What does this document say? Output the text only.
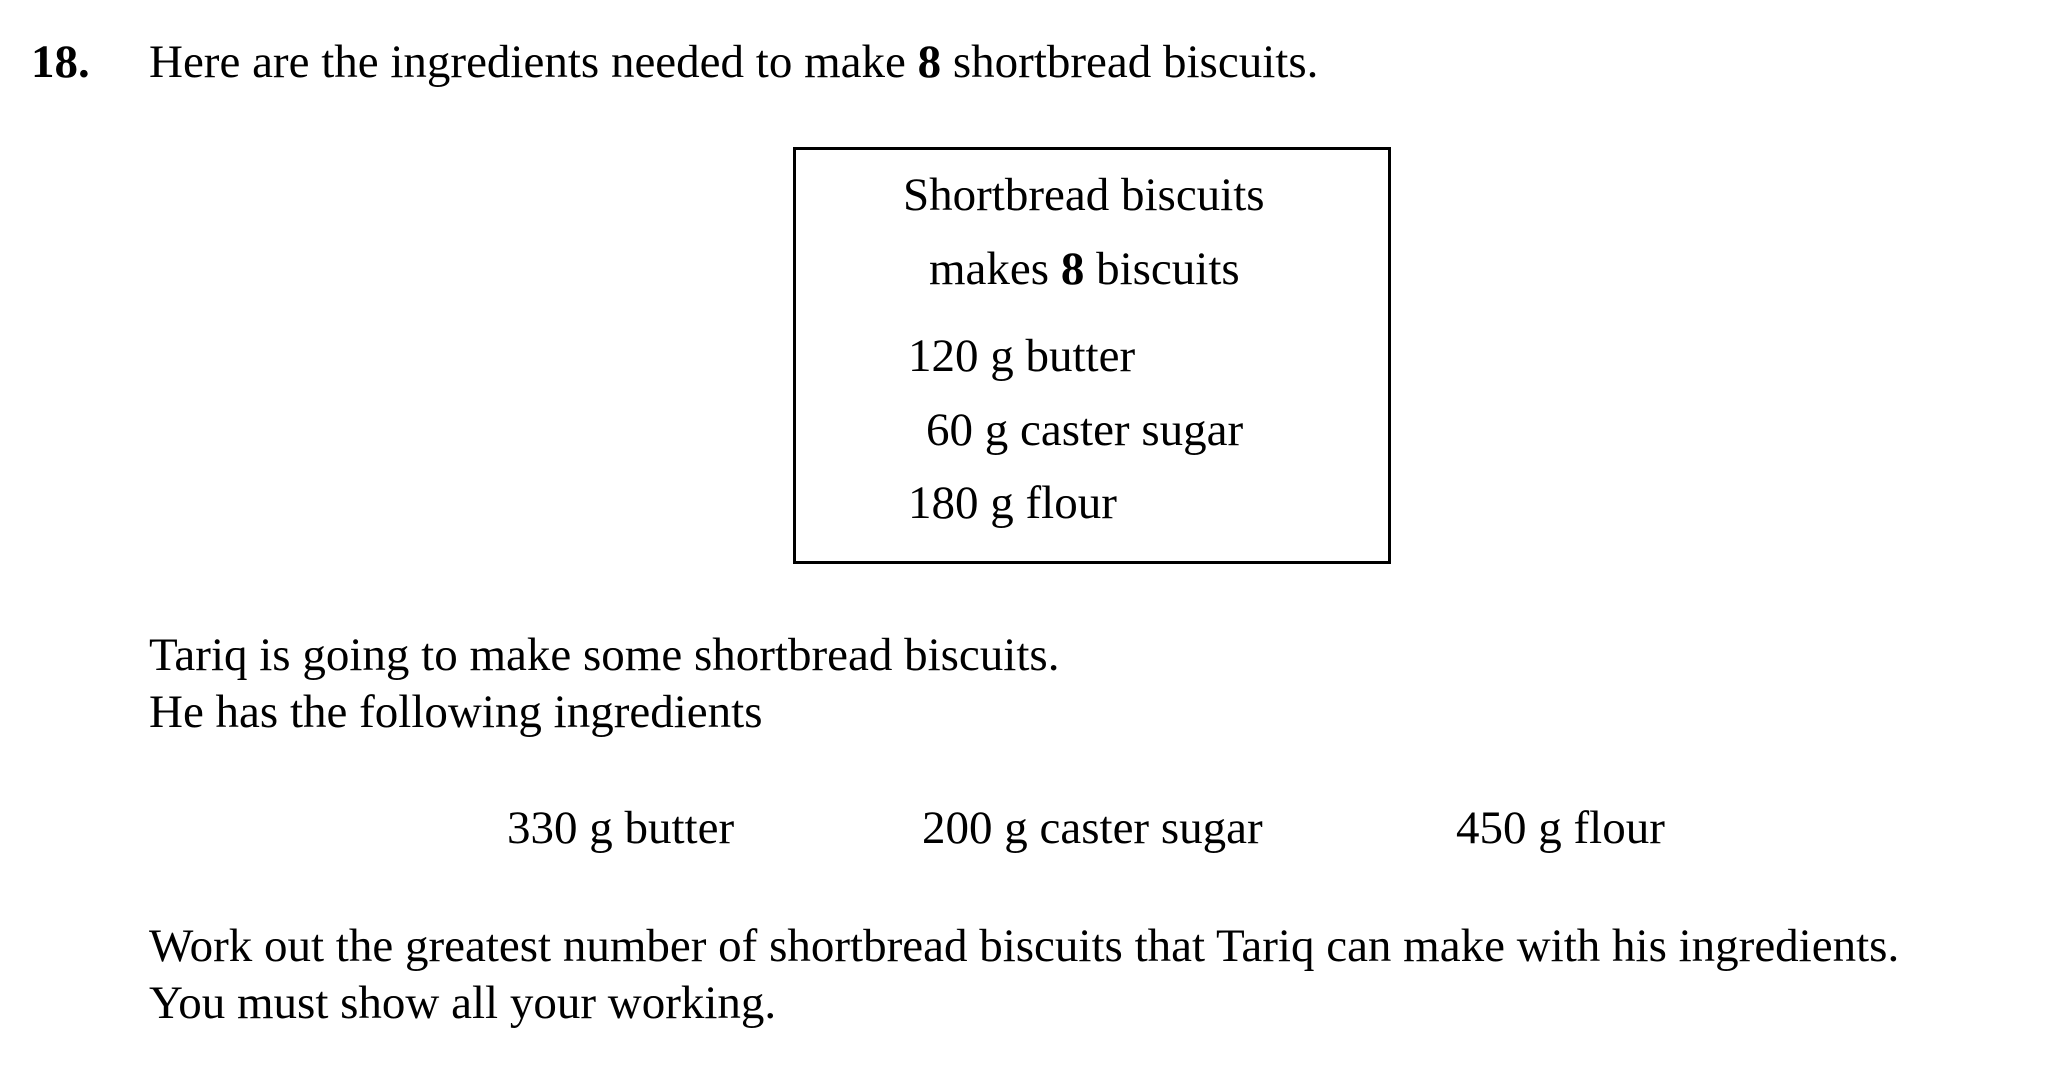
18. Here are the ingredients needed to make 8 shortbread biscuits.
Shortbread biscuits
makes 8 biscuits
120 g butter
60 g caster sugar
180 g flour
Tariq is going to make some shortbread biscuits.
He has the following ingredients
330 g butter	200 g caster sugar	450 g flour
Work out the greatest number of shortbread biscuits that Tariq can make with his ingredients.
You must show all your working.
